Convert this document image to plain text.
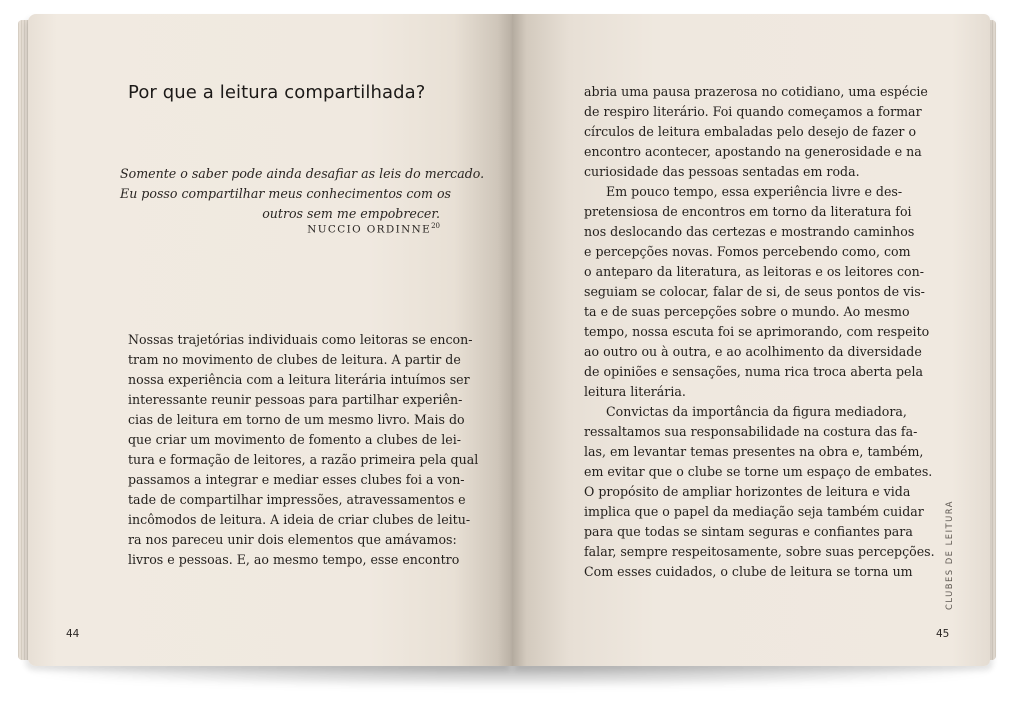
Por que a leitura compartilhada?
Somente o saber pode ainda desafiar as leis do mercado.
Eu posso compartilhar meus conhecimentos com os
outros sem me empobrecer.
NUCCIO ORDINNE$^{20}$
Nossas trajetórias individuais como leitoras se encon-
tram no movimento de clubes de leitura. A partir de
nossa experiência com a leitura literária intuímos ser
interessante reunir pessoas para partilhar experiên-
cias de leitura em torno de um mesmo livro. Mais do
que criar um movimento de fomento a clubes de lei-
tura e formação de leitores, a razão primeira pela qual
passamos a integrar e mediar esses clubes foi a von-
tade de compartilhar impressões, atravessamentos e
incômodos de leitura. A ideia de criar clubes de leitu-
ra nos pareceu unir dois elementos que amávamos:
livros e pessoas. E, ao mesmo tempo, esse encontro
abria uma pausa prazerosa no cotidiano, uma espécie
de respiro literário. Foi quando começamos a formar
círculos de leitura embaladas pelo desejo de fazer o
encontro acontecer, apostando na generosidade e na
curiosidade das pessoas sentadas em roda.
Em pouco tempo, essa experiência livre e des-
pretensiosa de encontros em torno da literatura foi
nos deslocando das certezas e mostrando caminhos
e percepções novas. Fomos percebendo como, com
o anteparo da literatura, as leitoras e os leitores con-
seguiam se colocar, falar de si, de seus pontos de vis-
ta e de suas percepções sobre o mundo. Ao mesmo
tempo, nossa escuta foi se aprimorando, com respeito
ao outro ou à outra, e ao acolhimento da diversidade
de opiniões e sensações, numa rica troca aberta pela
leitura literária.
Convictas da importância da figura mediadora,
ressaltamos sua responsabilidade na costura das fa-
las, em levantar temas presentes na obra e, também,
em evitar que o clube se torne um espaço de embates.
O propósito de ampliar horizontes de leitura e vida
implica que o papel da mediação seja também cuidar
para que todas se sintam seguras e confiantes para
falar, sempre respeitosamente, sobre suas percepções.
Com esses cuidados, o clube de leitura se torna um	CLUBES DE LEITURA
44	45
